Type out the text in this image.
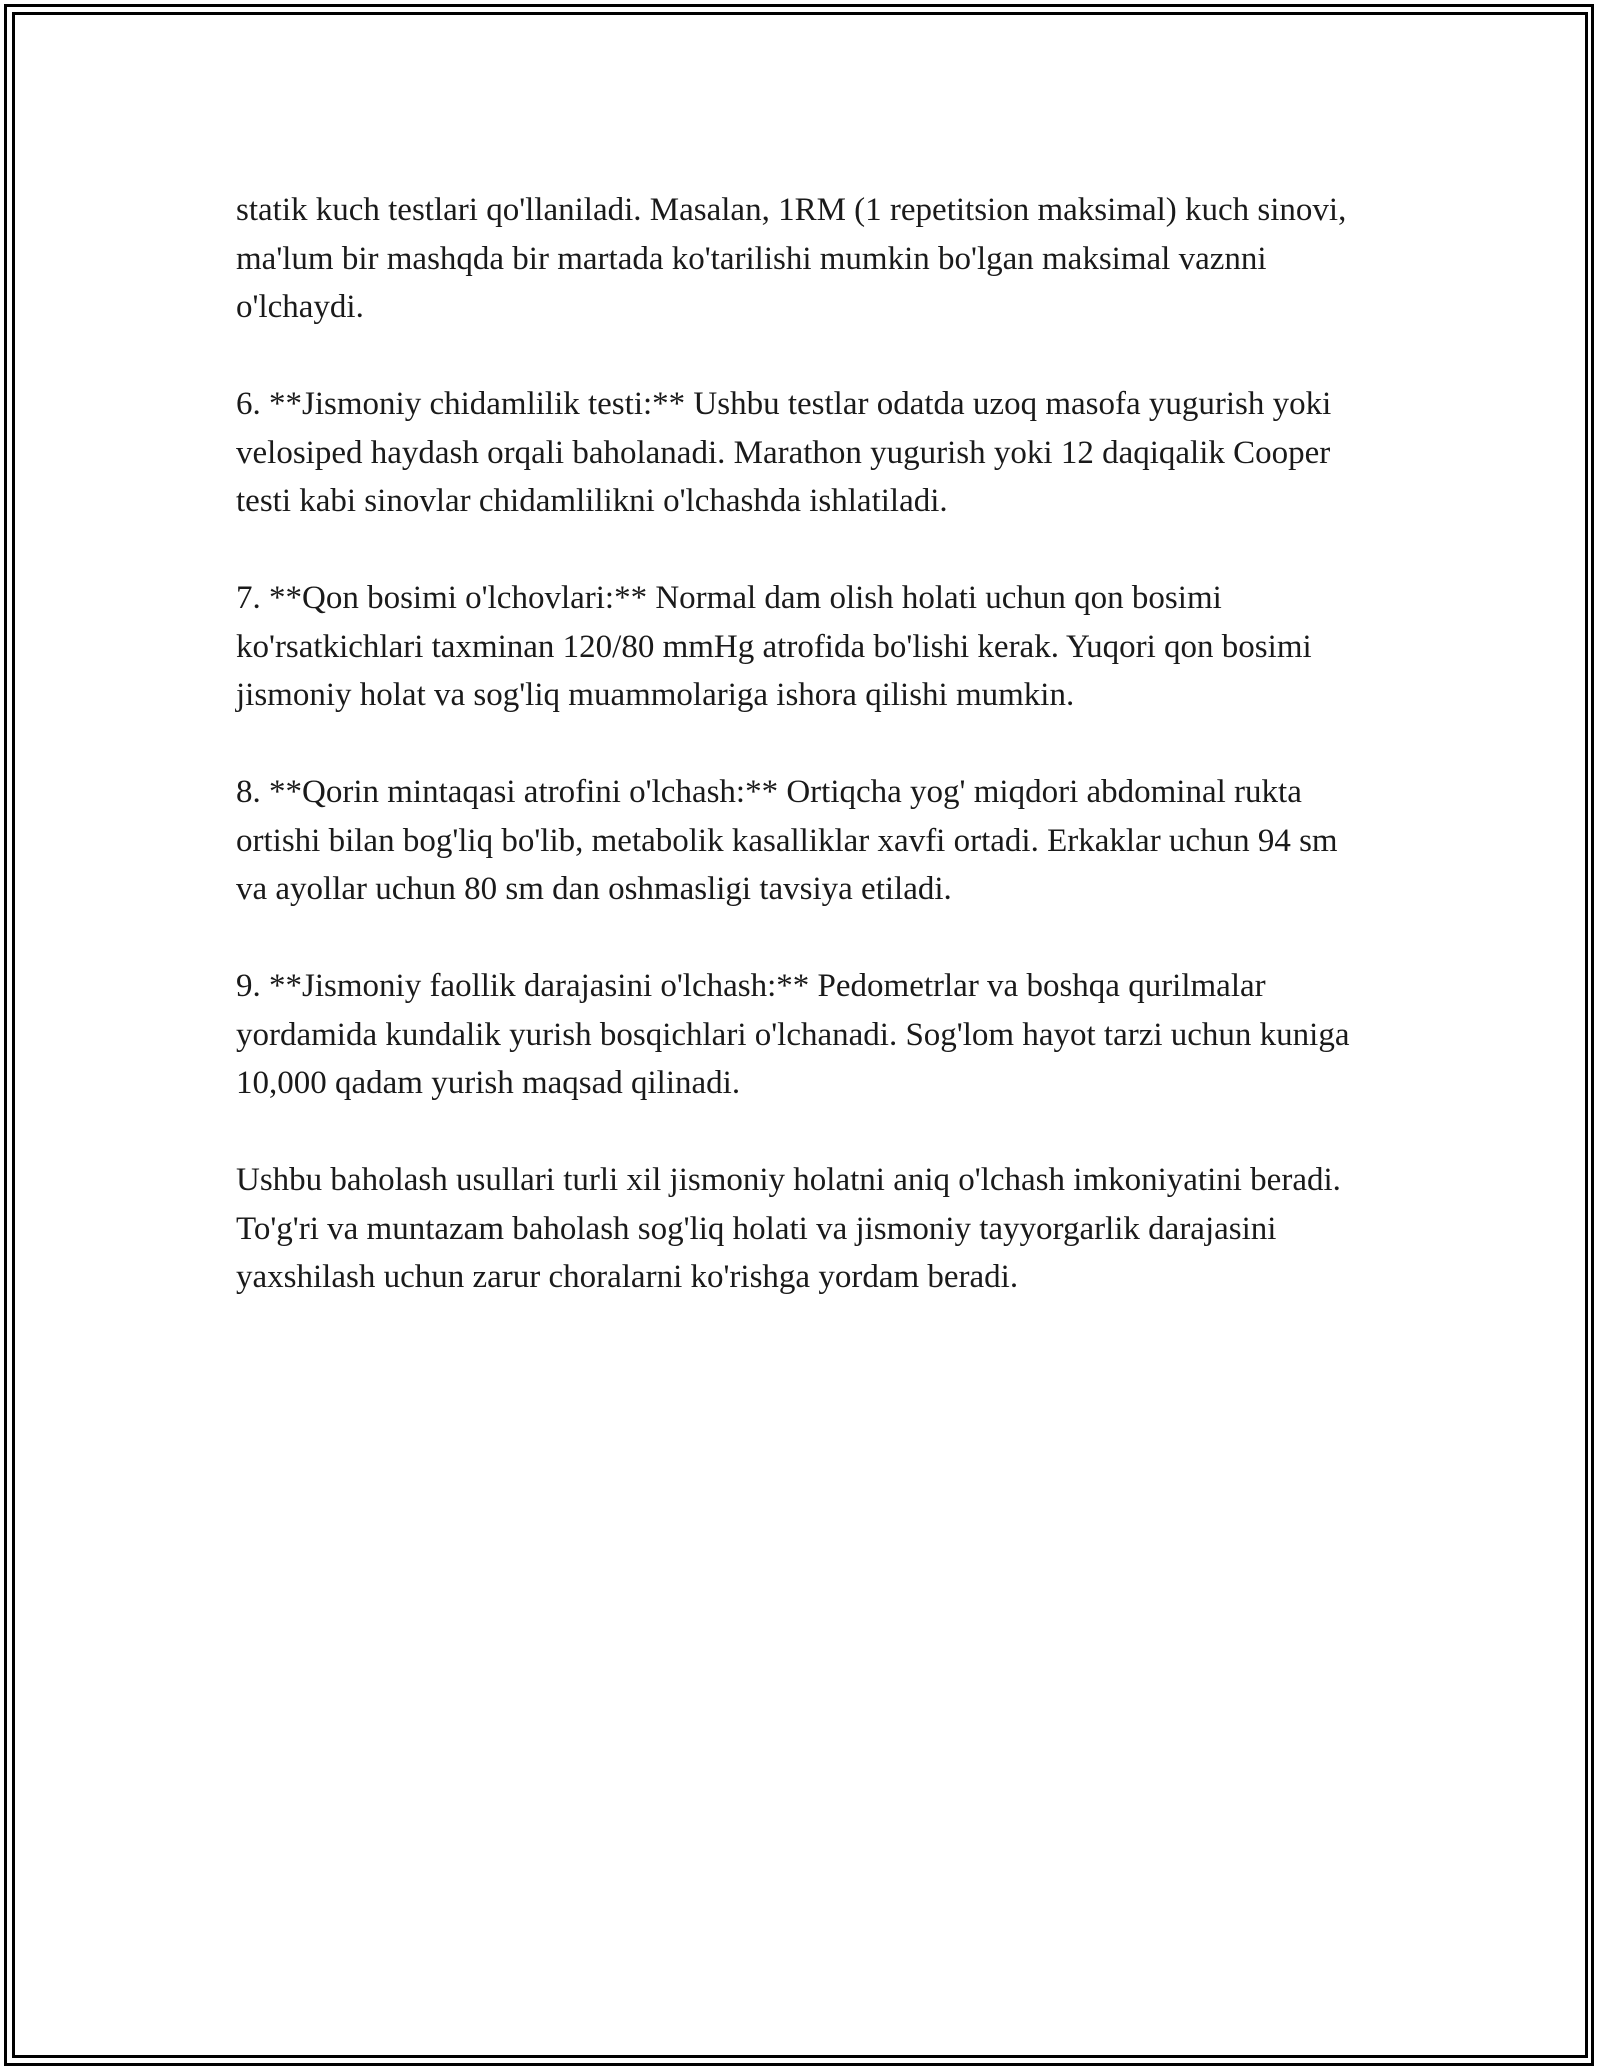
statik kuch testlari qo'llaniladi. Masalan, 1RM (1 repetitsion maksimal) kuch sinovi, ma'lum bir mashqda bir martada ko'tarilishi mumkin bo'lgan maksimal vaznni o'lchaydi.

6. **Jismoniy chidamlilik testi:** Ushbu testlar odatda uzoq masofa yugurish yoki velosiped haydash orqali baholanadi. Marathon yugurish yoki 12 daqiqalik Cooper testi kabi sinovlar chidamlilikni o'lchashda ishlatiladi.

7. **Qon bosimi o'lchovlari:** Normal dam olish holati uchun qon bosimi ko'rsatkichlari taxminan 120/80 mmHg atrofida bo'lishi kerak. Yuqori qon bosimi jismoniy holat va sog'liq muammolariga ishora qilishi mumkin.

8. **Qorin mintaqasi atrofini o'lchash:** Ortiqcha yog' miqdori abdominal rukta ortishi bilan bog'liq bo'lib, metabolik kasalliklar xavfi ortadi. Erkaklar uchun 94 sm va ayollar uchun 80 sm dan oshmasligi tavsiya etiladi.

9. **Jismoniy faollik darajasini o'lchash:** Pedometrlar va boshqa qurilmalar yordamida kundalik yurish bosqichlari o'lchanadi. Sog'lom hayot tarzi uchun kuniga 10,000 qadam yurish maqsad qilinadi.

Ushbu baholash usullari turli xil jismoniy holatni aniq o'lchash imkoniyatini beradi. To'g'ri va muntazam baholash sog'liq holati va jismoniy tayyorgarlik darajasini yaxshilash uchun zarur choralarni ko'rishga yordam beradi.
